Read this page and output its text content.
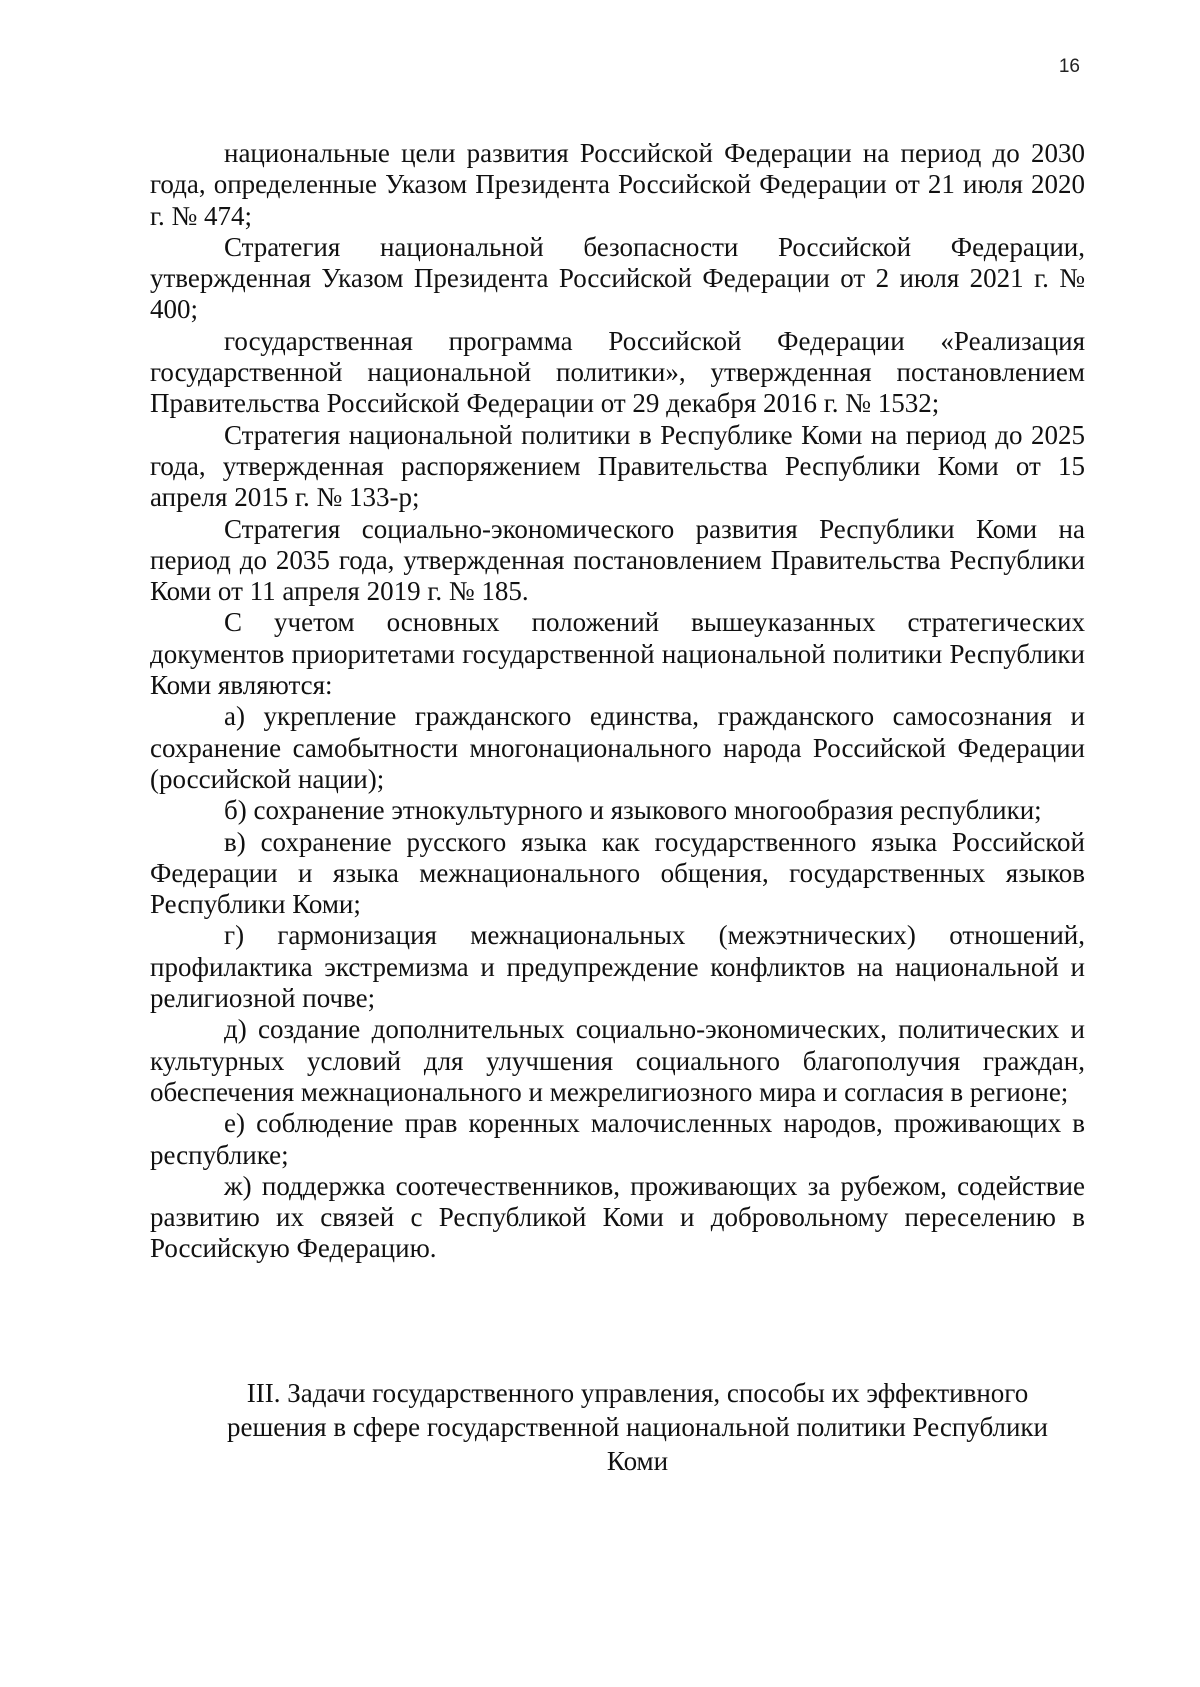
16

национальные цели развития Российской Федерации на период до 2030 года, определенные Указом Президента Российской Федерации от 21 июля 2020 г. № 474;

Стратегия национальной безопасности Российской Федерации, утвержденная Указом Президента Российской Федерации от 2 июля 2021 г. № 400;

государственная программа Российской Федерации «Реализация государственной национальной политики», утвержденная постановлением Правительства Российской Федерации от 29 декабря 2016 г. № 1532;

Стратегия национальной политики в Республике Коми на период до 2025 года, утвержденная распоряжением Правительства Республики Коми от 15 апреля 2015 г. № 133-р;

Стратегия социально-экономического развития Республики Коми на период до 2035 года, утвержденная постановлением Правительства Республики Коми от 11 апреля 2019 г. № 185.

С учетом основных положений вышеуказанных стратегических документов приоритетами государственной национальной политики Республики Коми являются:

а) укрепление гражданского единства, гражданского самосознания и сохранение самобытности многонационального народа Российской Федерации (российской нации);

б) сохранение этнокультурного и языкового многообразия республики;

в) сохранение русского языка как государственного языка Российской Федерации и языка межнационального общения, государственных языков Республики Коми;

г) гармонизация межнациональных (межэтнических) отношений, профилактика экстремизма и предупреждение конфликтов на национальной и религиозной почве;

д) создание дополнительных социально-экономических, политических и культурных условий для улучшения социального благополучия граждан, обеспечения межнационального и межрелигиозного мира и согласия в регионе;

е) соблюдение прав коренных малочисленных народов, проживающих в республике;

ж) поддержка соотечественников, проживающих за рубежом, содействие развитию их связей с Республикой Коми и добровольному переселению в Российскую Федерацию.

III. Задачи государственного управления, способы их эффективного
решения в сфере государственной национальной политики Республики
Коми
